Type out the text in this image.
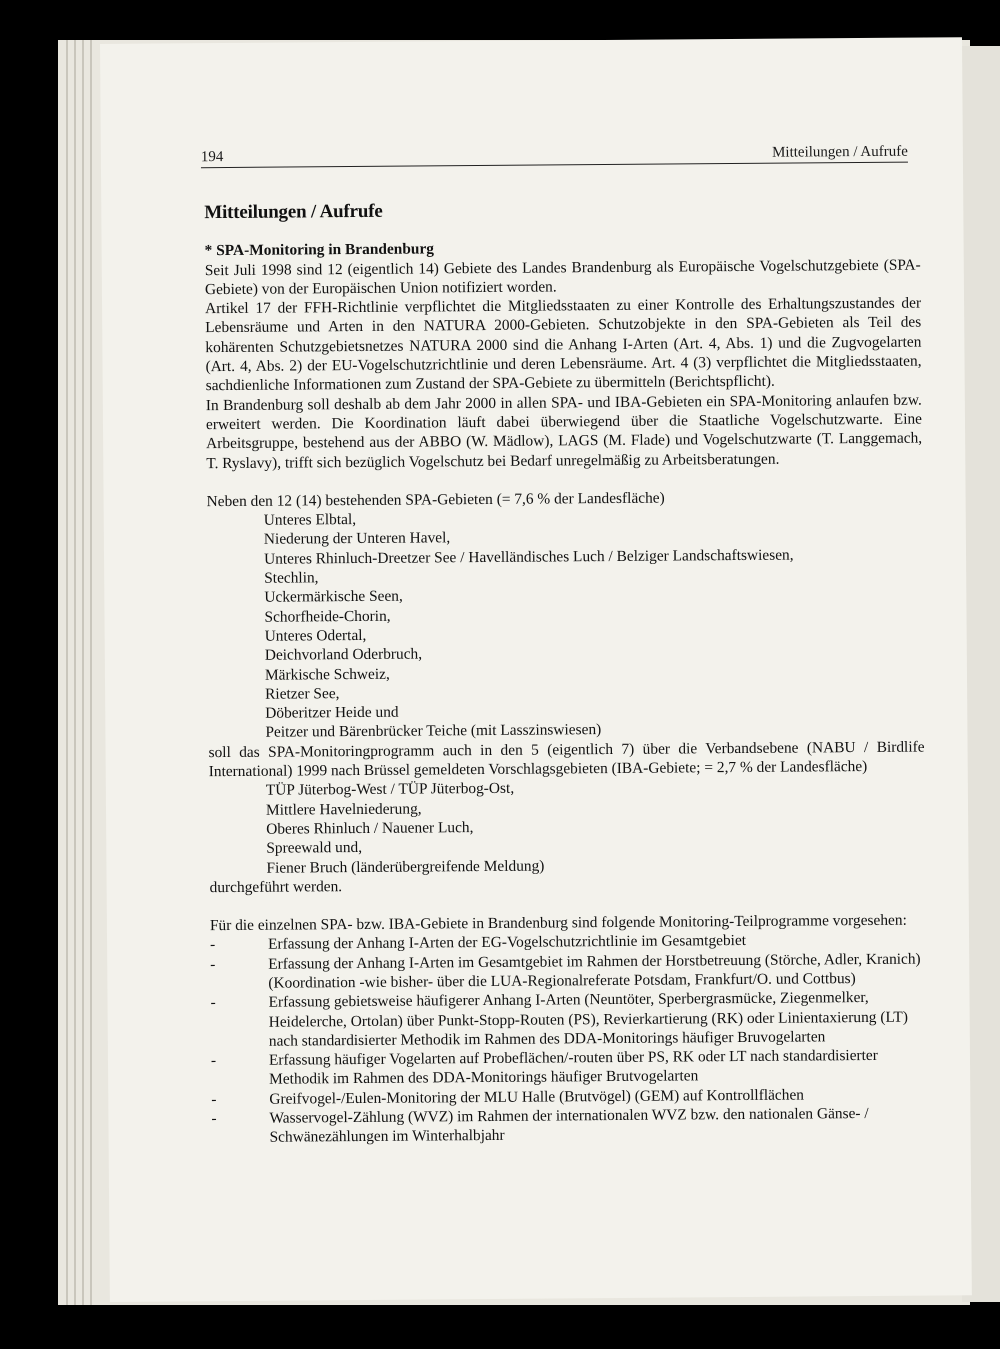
194	Mitteilungen / Aufrufe
Mitteilungen / Aufrufe

* SPA-Monitoring in Brandenburg

Seit Juli 1998 sind 12 (eigentlich 14) Gebiete des Landes Brandenburg als Europäische Vogelschutzgebiete (SPA-Gebiete) von der Europäischen Union notifiziert worden.

Artikel 17 der FFH-Richtlinie verpflichtet die Mitgliedsstaaten zu einer Kontrolle des Erhaltungszustandes der Lebensräume und Arten in den NATURA 2000-Gebieten. Schutzobjekte in den SPA-Gebieten als Teil des kohärenten Schutzgebietsnetzes NATURA 2000 sind die Anhang I-Arten (Art. 4, Abs. 1) und die Zugvogelarten (Art. 4, Abs. 2) der EU-Vogelschutzrichtlinie und deren Lebensräume. Art. 4 (3) verpflichtet die Mitgliedsstaaten, sachdienliche Informationen zum Zustand der SPA-Gebiete zu übermitteln (Berichtspflicht).

In Brandenburg soll deshalb ab dem Jahr 2000 in allen SPA- und IBA-Gebieten ein SPA-Monitoring anlaufen bzw. erweitert werden. Die Koordination läuft dabei überwiegend über die Staatliche Vogelschutzwarte. Eine Arbeitsgruppe, bestehend aus der ABBO (W. Mädlow), LAGS (M. Flade) und Vogelschutzwarte (T. Langgemach, T. Ryslavy), trifft sich bezüglich Vogelschutz bei Bedarf unregelmäßig zu Arbeitsberatungen.

Neben den 12 (14) bestehenden SPA-Gebieten (= 7,6 % der Landesfläche)

Unteres Elbtal,
Niederung der Unteren Havel,
Unteres Rhinluch-Dreetzer See / Havelländisches Luch / Belziger Landschaftswiesen,
Stechlin,
Uckermärkische Seen,
Schorfheide-Chorin,
Unteres Odertal,
Deichvorland Oderbruch,
Märkische Schweiz,
Rietzer See,
Döberitzer Heide und
Peitzer und Bärenbrücker Teiche (mit Lasszinswiesen)

soll das SPA-Monitoringprogramm auch in den 5 (eigentlich 7) über die Verbandsebene (NABU / Birdlife International) 1999 nach Brüssel gemeldeten Vorschlagsgebieten (IBA-Gebiete; = 2,7 % der Landesfläche)

TÜP Jüterbog-West / TÜP Jüterbog-Ost,
Mittlere Havelniederung,
Oberes Rhinluch / Nauener Luch,
Spreewald und,
Fiener Bruch (länderübergreifende Meldung)

durchgeführt werden.

Für die einzelnen SPA- bzw. IBA-Gebiete in Brandenburg sind folgende Monitoring-Teilprogramme vorgesehen:

-	Erfassung der Anhang I-Arten der EG-Vogelschutzrichtlinie im Gesamtgebiet
-	Erfassung der Anhang I-Arten im Gesamtgebiet im Rahmen der Horstbetreuung (Störche, Adler, Kranich) (Koordination -wie bisher- über die LUA-Regionalreferate Potsdam, Frankfurt/O. und Cottbus)
-	Erfassung gebietsweise häufigerer Anhang I-Arten (Neuntöter, Sperbergrasmücke, Ziegenmelker, Heidelerche, Ortolan) über Punkt-Stopp-Routen (PS), Revierkartierung (RK) oder Linientaxierung (LT) nach standardisierter Methodik im Rahmen des DDA-Monitorings häufiger Bruvogelarten
-	Erfassung häufiger Vogelarten auf Probeflächen/-routen über PS, RK oder LT nach standardisierter Methodik im Rahmen des DDA-Monitorings häufiger Brutvogelarten
-	Greifvogel-/Eulen-Monitoring der MLU Halle (Brutvögel) (GEM) auf Kontrollflächen
-	Wasservogel-Zählung (WVZ) im Rahmen der internationalen WVZ bzw. den nationalen Gänse- / Schwänezählungen im Winterhalbjahr
